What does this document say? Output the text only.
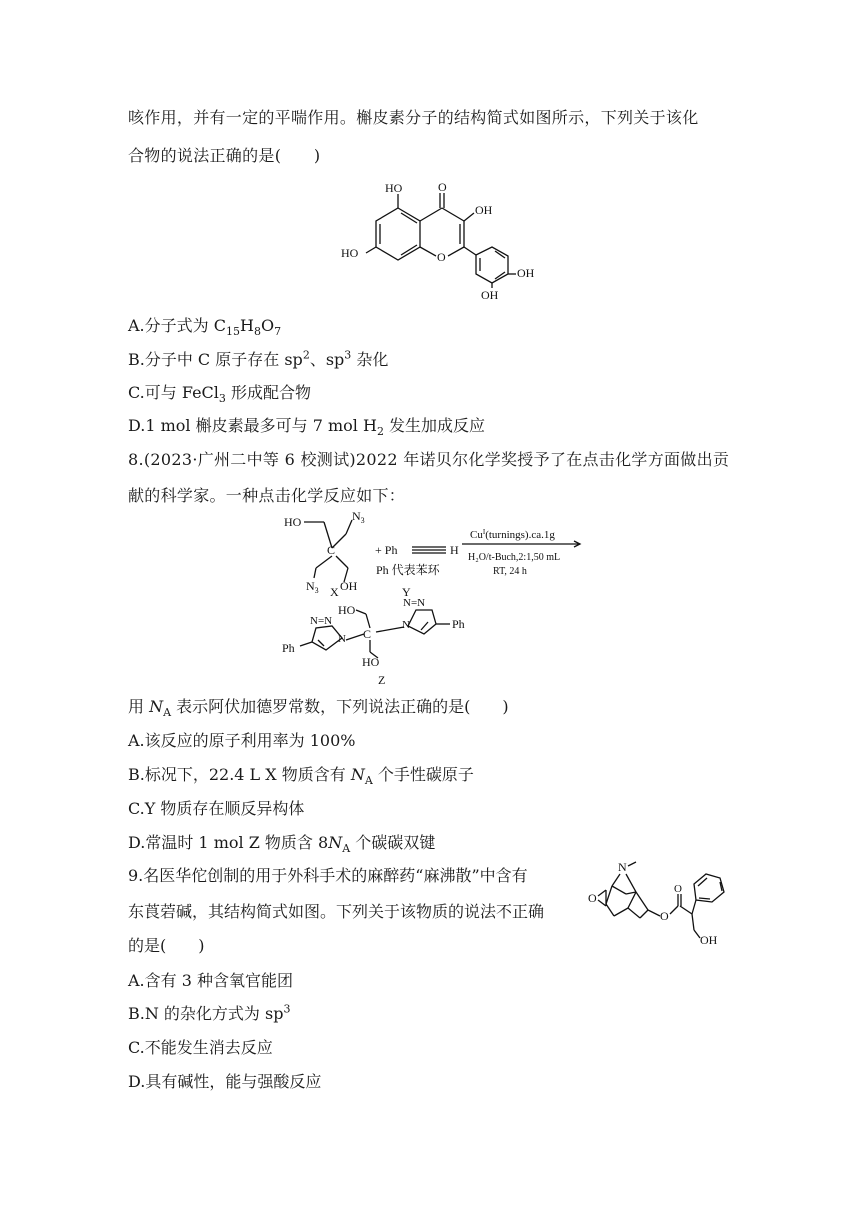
咳作用，并有一定的平喘作用。槲皮素分子的结构简式如图所示，下列关于该化
合物的说法正确的是(　　)
HO	O
OH
HO	O
OH
OH
A.分子式为 $C_{15}H_8O_7$
B.分子中 C 原子存在 $sp^2$、$sp^3$ 杂化
C.可与 FeCl$_3$ 形成配合物
D.1 mol 槲皮素最多可与 7 mol $H_2$ 发生加成反应
8.(2023·广州二中等 6 校测试)2022 年诺贝尔化学奖授予了在点击化学方面做出贡
献的科学家。一种点击化学反应如下：
HO	$N_3$
C
$N_3$ OH
+ Ph	H
Ph 代表苯环
$Cu^I(turnings).ca.1g$
H₂O/t-Buch,2:1,50 mL
RT, 24 h
X	Y
HO
C
N=N
N	Ph
N=N
N
Ph
HO
Z
用 $N_A$ 表示阿伏加德罗常数，下列说法正确的是(　　)
A.该反应的原子利用率为 100%
B.标况下，22.4 L X 物质含有 $N_A$ 个手性碳原子
C.Y 物质存在顺反异构体
D.常温时 1 mol Z 物质含 $8N_A$ 个碳碳双键
9.名医华佗创制的用于外科手术的麻醉药“麻沸散”中含有
东莨菪碱，其结构简式如图。下列关于该物质的说法不正确
的是(　　)
N
O
O
O
OH
A.含有 3 种含氧官能团
B.N 的杂化方式为 $sp^3$
C.不能发生消去反应
D.具有碱性，能与强酸反应
